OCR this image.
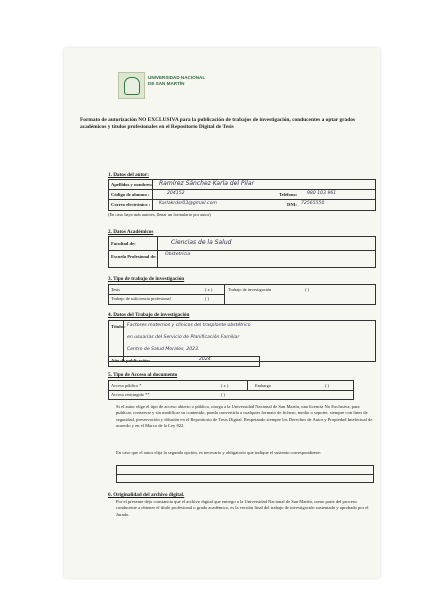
UNIVERSIDAD NACIONAL
DE SAN MARTÍN
Formato de autorización NO EXCLUSIVA para la publicación de trabajos de investigación, conducentes a optar grados académicos y títulos profesionales en el Repositorio Digital de Tesis
1. Datos del autor:
Apellidos y nombres: Ramírez Sánchez Karla del Pilar
Código de alumno :	204152	Teléfono: 980 103 961
Correo electrónico : Karlakrdsr03@gmail.com	DNI: 72565550
(En caso haya más autores, llenar un formulario por autor)
2. Datos Académicos
Facultad de:	Ciencias de la Salud
Escuela Profesional de: Obstetricia
3. Tipo de trabajo de investigación
Tesis	( x )	Trabajo de investigación	( )
Trabajo de suficiencia profesional	( )
4. Datos del Trabajo de investigación
Título : Factores maternos y clínicos del trasplante obstétrico
en usuarias del Servicio de Planificación Familiar
Centro de Salud Morales, 2023.
Año de publicación:	2024
5. Tipo de Acceso al documento
Acceso público *	( x )	Embargo	( )
Acceso restringido **	( )
Si el autor elige el tipo de acceso abierto o público, otorga a la Universidad Nacional de San Martín, una licencia No Exclusiva, para publicar, conservar y sin modificar su contenido, pueda convertirla a cualquier formato de fichero, medio o soporte, siempre con fines de seguridad, preservación y difusión en el Repositorio de Tesis Digital. Respetando siempre los Derechos de Autor y Propiedad Intelectual de acuerdo y en el Marco de la Ley 822.
En caso que el autor elija la segunda opción, es necesario y obligatorio que indique el sustento correspondiente:
6. Originalidad del archivo digital.
Por el presente dejo constancia que el archivo digital que entrego a la Universidad Nacional de San Martín, como parte del proceso conducente a obtener el título profesional o grado académico, es la versión final del trabajo de investigación sustentado y aprobado por el Jurado.
